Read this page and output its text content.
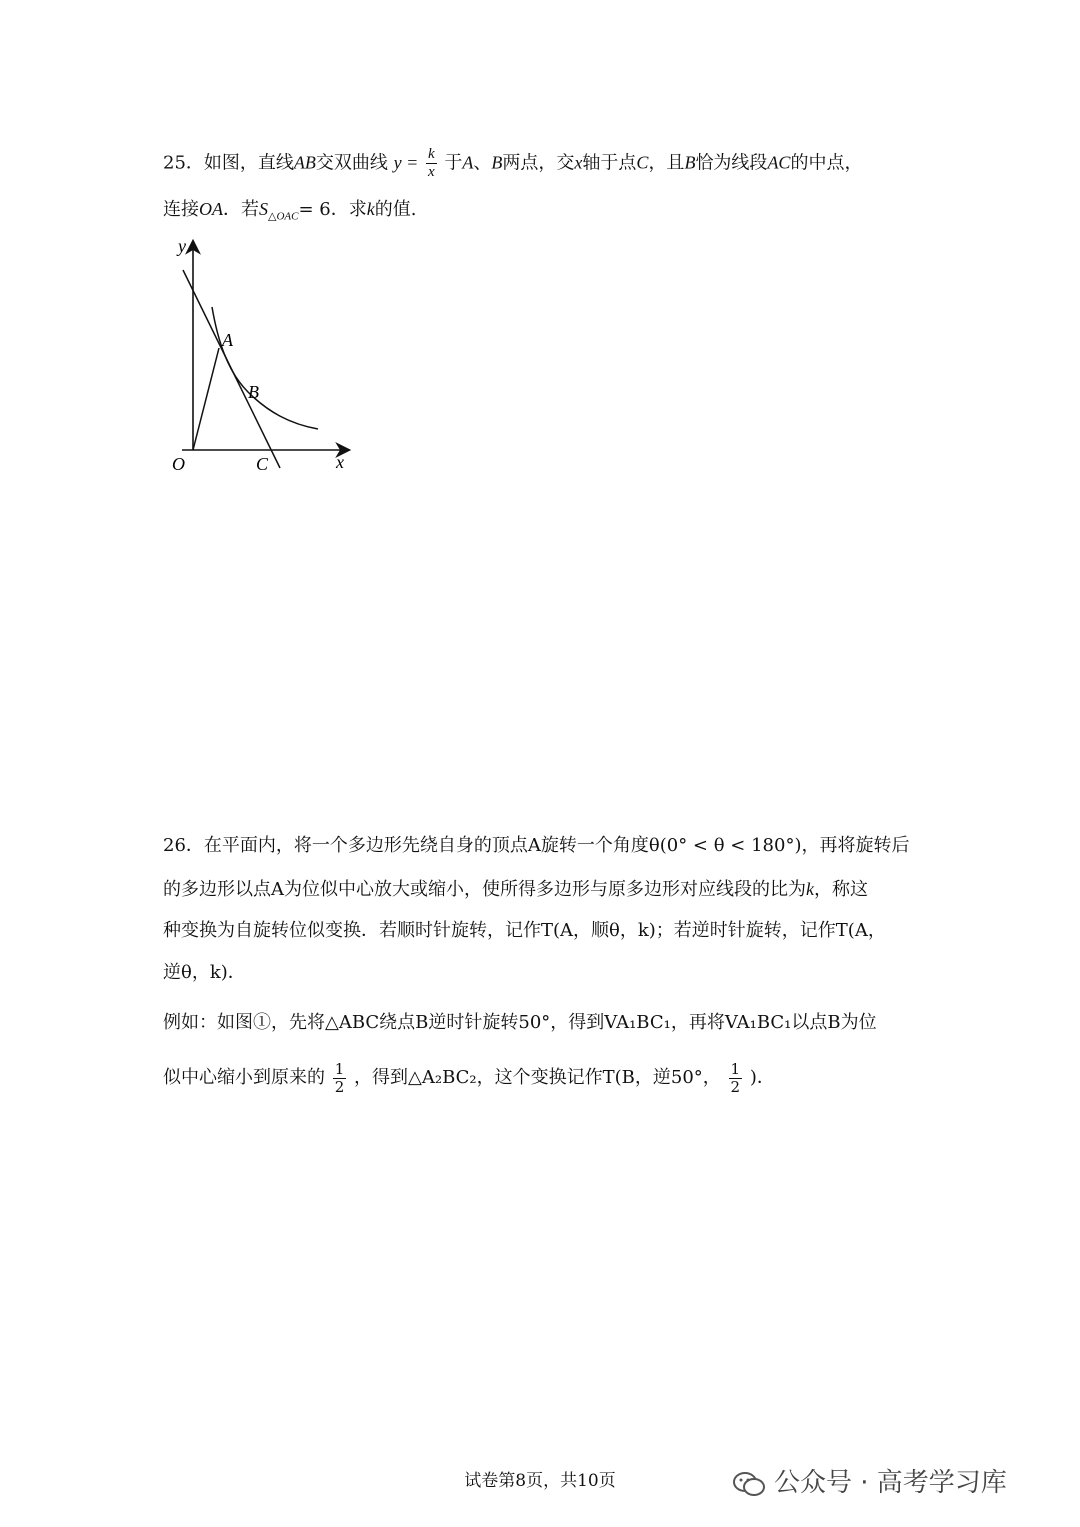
25．如图，直线AB交双曲线 $y = \frac{k}{x}$ 于A、B两点，交x轴于点C，且B恰为线段AC的中点，
连接OA．若$S_{\triangle OAC}= 6$．求k的值.
y
x
O
A
B
C
26．在平面内，将一个多边形先绕自身的顶点A旋转一个角度θ(0° < θ < 180°)，再将旋转后
的多边形以点A为位似中心放大或缩小，使所得多边形与原多边形对应线段的比为k，称这
种变换为自旋转位似变换．若顺时针旋转，记作T(A，顺θ，k)；若逆时针旋转，记作T(A，
逆θ，k)．
例如：如图①，先将△ABC绕点B逆时针旋转50°，得到VA₁BC₁，再将VA₁BC₁以点B为位
似中心缩小到原来的 $\frac{1}{2}$ ，得到△A₂BC₂，这个变换记作T(B，逆50°， $\frac{1}{2}$ )．
试卷第8页，共10页	公众号 · 高考学习库
